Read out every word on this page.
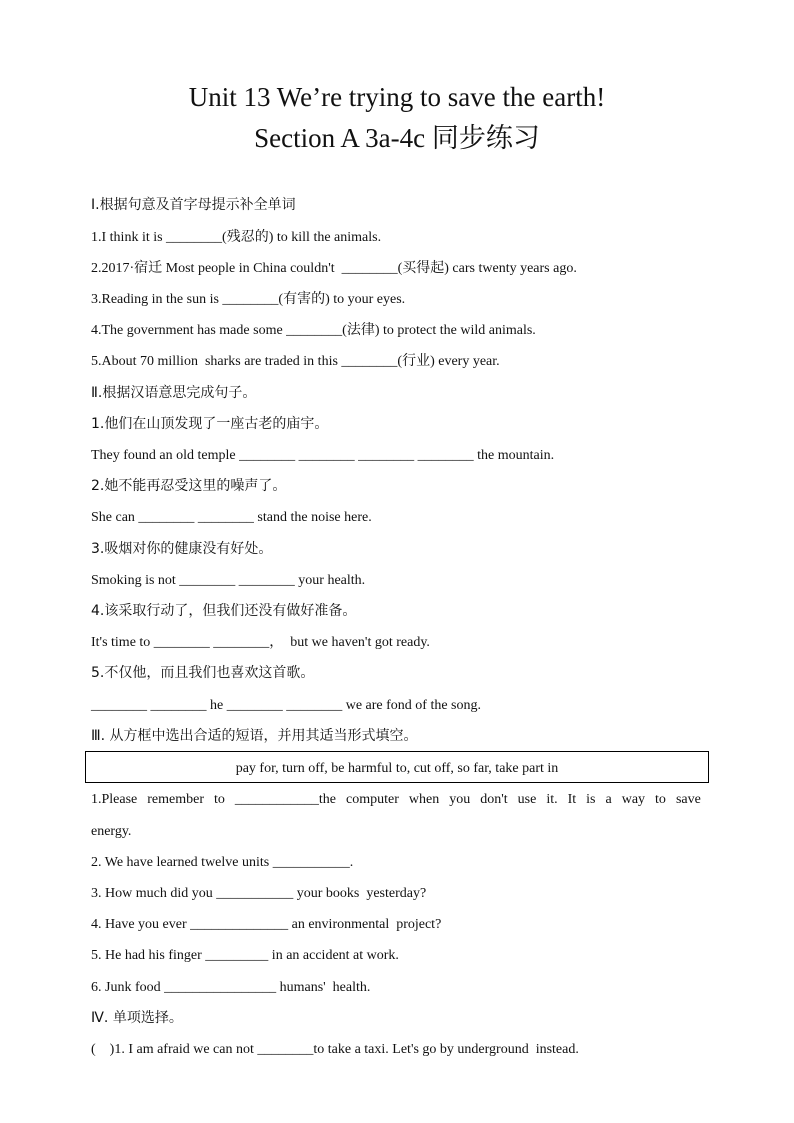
Unit 13 We’re trying to save the earth!
Section A 3a-4c 同步练习
Ⅰ.根据句意及首字母提示补全单词
1.I think it is ________(残忍的) to kill the animals.
2.2017·宿迁 Most people in China couldn't  ________(买得起) cars twenty years ago.
3.Reading in the sun is ________(有害的) to your eyes.
4.The government has made some ________(法律) to protect the wild animals.
5.About 70 million  sharks are traded in this ________(行业) every year.
Ⅱ.根据汉语意思完成句子。
1.他们在山顶发现了一座古老的庙宇。
They found an old temple ________ ________ ________ ________ the mountain.
2.她不能再忍受这里的噪声了。
She can ________ ________ stand the noise here.
3.吸烟对你的健康没有好处。
Smoking is not ________ ________ your health.
4.该采取行动了，但我们还没有做好准备。
It's time to ________ ________，  but we haven't got ready.
5.不仅他，而且我们也喜欢这首歌。
________ ________ he ________ ________ we are fond of the song.
Ⅲ. 从方框中选出合适的短语，并用其适当形式填空。
pay for, turn off, be harmful to, cut off, so far, take part in
1.Please remember to ____________the computer when you don't use it. It is a way to save
energy.
2. We have learned twelve units ___________.
3. How much did you ___________ your books  yesterday?
4. Have you ever ______________ an environmental  project?
5. He had his finger _________ in an accident at work.
6. Junk food ________________ humans'  health.
Ⅳ. 单项选择。
(    )1. I am afraid we can not ________to take a taxi. Let's go by underground  instead.
